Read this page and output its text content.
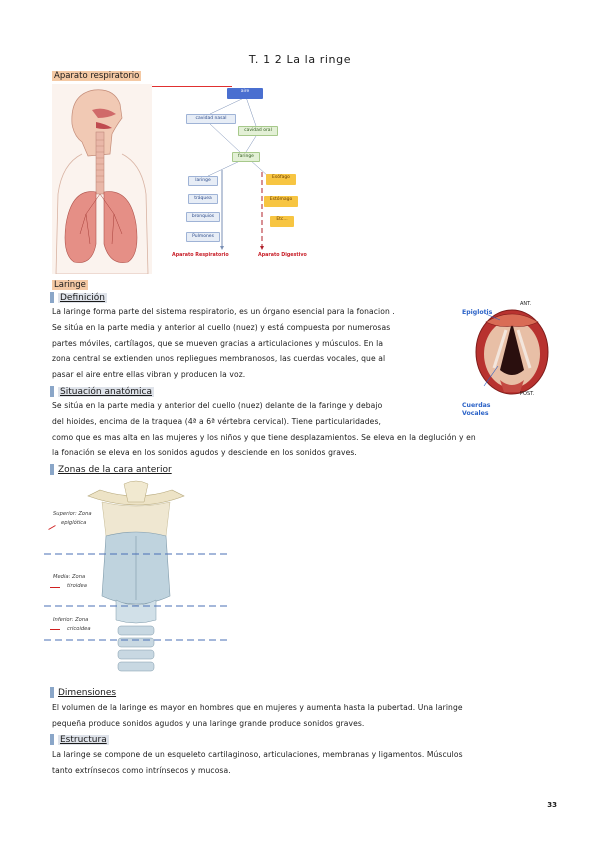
T. 1 2 La la ringe
Aparato respiratorio
aire
cavidad nasal
cavidad oral
faringe
laringe
tráquea
bronquios
Pulmones
Esófago
Estómago
Etc...
Aparato Respiratorio	Aparato Digestivo
Laringe
Definición
La laringe forma parte del sistema respiratorio, es un órgano esencial para la fonacion .
Se sitúa en la parte media y anterior al cuello (nuez) y está compuesta por numerosas
partes móviles, cartílagos, que se mueven gracias a articulaciones y músculos. En la
zona central se extienden unos repliegues membranosos, las cuerdas vocales, que al
pasar el aire entre ellas vibran y producen la voz.
ANT.
POST.
Epiglotis
Cuerdas
Vocales
Situación anatómica
Se sitúa en la parte media y anterior del cuello (nuez) delante de la faringe y debajo
del hioides, encima de la traquea (4ª a 6ª vértebra cervical). Tiene particularidades,
como que es mas alta en las mujeres y los niños y que tiene desplazamientos. Se eleva en la deglución y en
la fonación se eleva en los sonidos agudos y desciende en los sonidos graves.
Zonas de la cara anterior
Superior: Zona
epiglótica
Media: Zona
tiroidea
Inferior: Zona
cricoidea
Dimensiones
El volumen de la laringe es mayor en hombres que en mujeres y aumenta hasta la pubertad. Una laringe
pequeña produce sonidos agudos y una laringe grande produce sonidos graves.
Estructura
La laringe se compone de un esqueleto cartilaginoso, articulaciones, membranas y ligamentos. Músculos
tanto extrínsecos como intrínsecos y mucosa.
33
